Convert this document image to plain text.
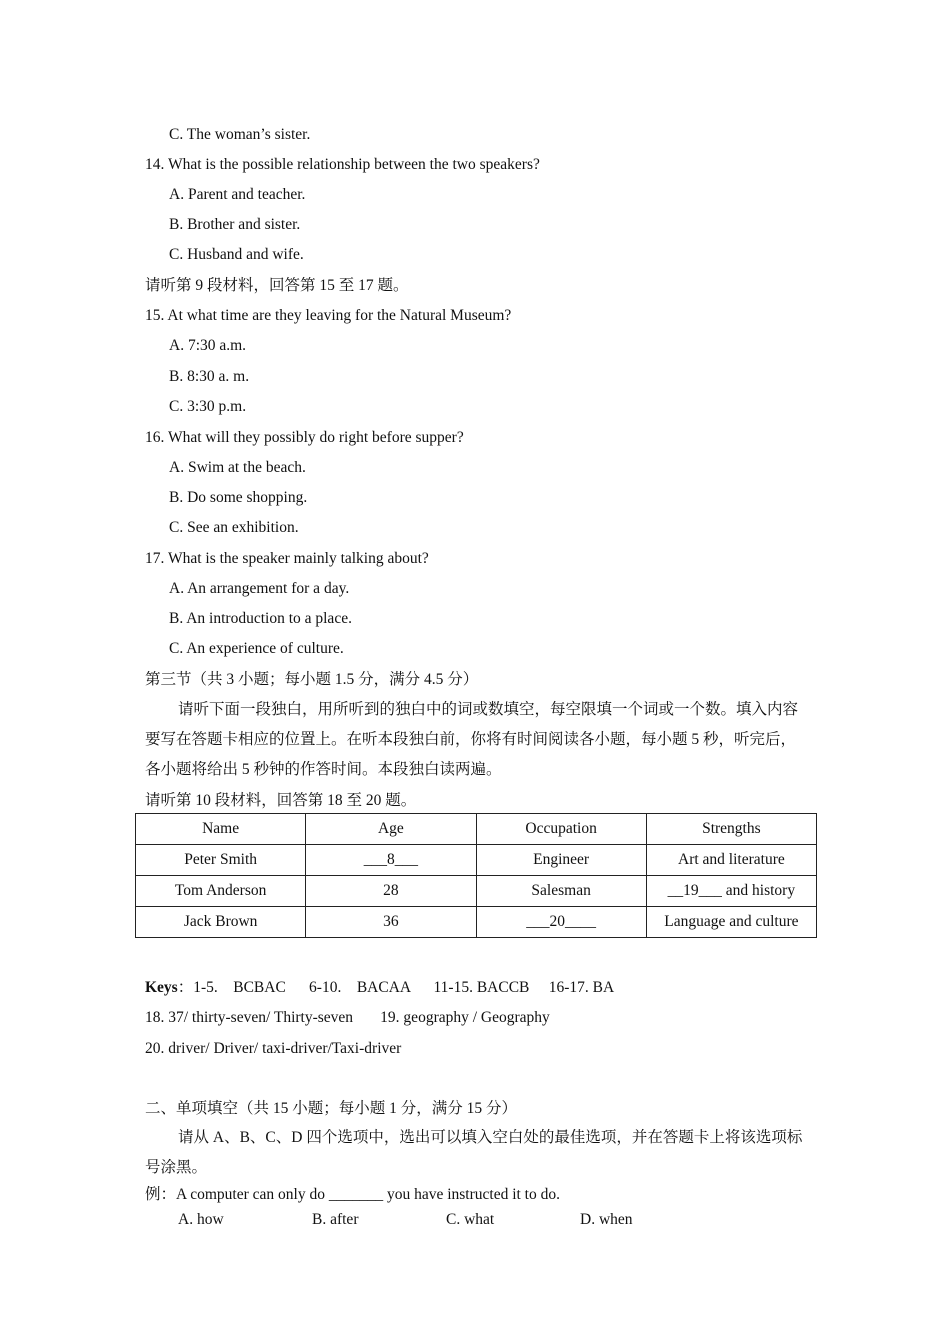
C. The woman’s sister.
14. What is the possible relationship between the two speakers?
A. Parent and teacher.
B. Brother and sister.
C. Husband and wife.
请听第 9 段材料，回答第 15 至 17 题。
15. At what time are they leaving for the Natural Museum?
A. 7:30 a.m.
B. 8:30 a. m.
C. 3:30 p.m.
16. What will they possibly do right before supper?
A. Swim at the beach.
B. Do some shopping.
C. See an exhibition.
17. What is the speaker mainly talking about?
A. An arrangement for a day.
B. An introduction to a place.
C. An experience of culture.
第三节（共 3 小题；每小题 1.5 分，满分 4.5 分）
请听下面一段独白，用所听到的独白中的词或数填空，每空限填一个词或一个数。填入内容要写在答题卡相应的位置上。在听本段独白前，你将有时间阅读各小题，每小题 5 秒，听完后，各小题将给出 5 秒钟的作答时间。本段独白读两遍。
请听第 10 段材料，回答第 18 至 20 题。
Name	Age	Occupation	Strengths
Peter Smith	___8___	Engineer	Art and literature
Tom Anderson	28	Salesman	__19___ and history
Jack Brown	36	___20____	Language and culture
Keys：1-5.    BCBAC      6-10.    BACAA      11-15. BACCB     16-17. BA
18. 37/ thirty-seven/ Thirty-seven       19. geography / Geography
20. driver/ Driver/ taxi-driver/Taxi-driver
二、单项填空（共 15 小题；每小题 1 分，满分 15 分）
请从 A、B、C、D 四个选项中，选出可以填入空白处的最佳选项，并在答题卡上将该选项标号涂黑。
例：A computer can only do _______ you have instructed it to do.
A. how	B. after	C. what	D. when
